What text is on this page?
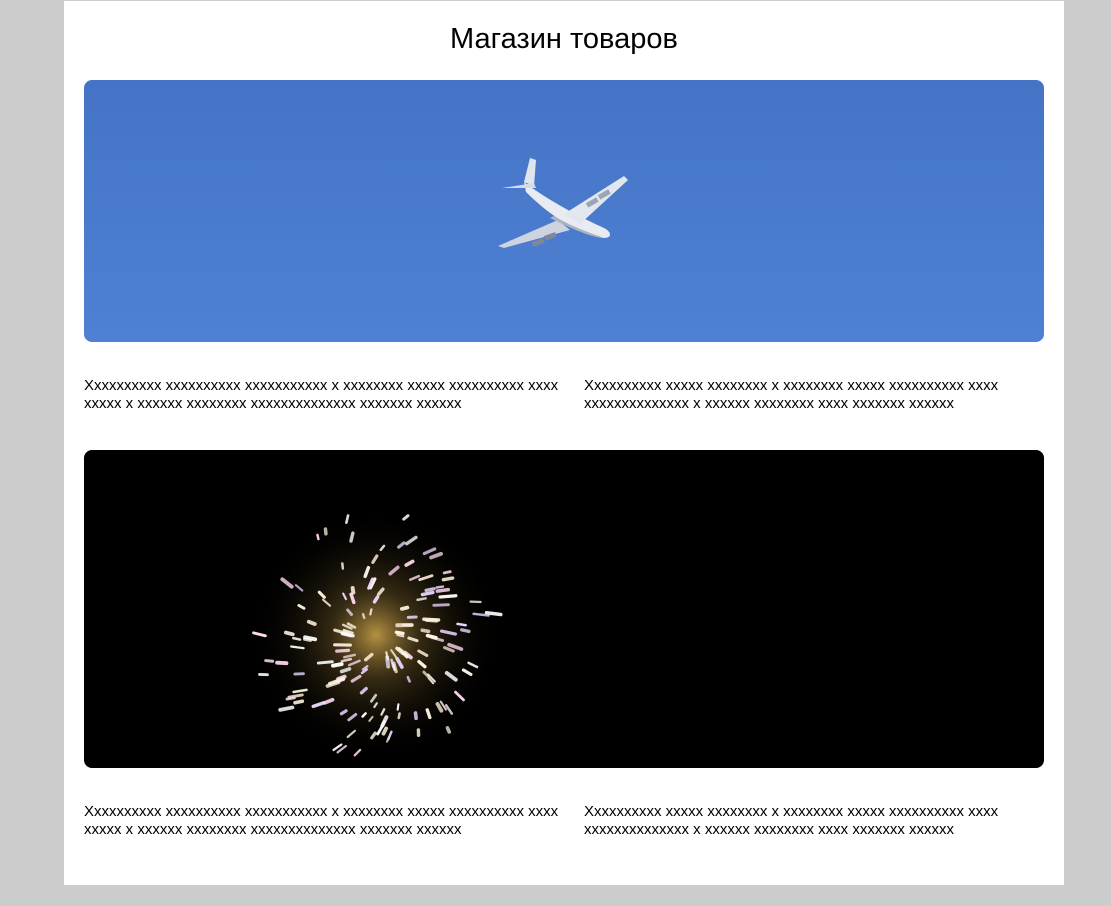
Магазин товаров
Xxxxxxxxxx xxxxxxxxxx xxxxxxxxxxx x xxxxxxxx xxxxx xxxxxxxxxx xxxx xxxxx x xxxxxx xxxxxxxx xxxxxxxxxxxxxx xxxxxxx xxxxxx
Xxxxxxxxxx xxxxx xxxxxxxx x xxxxxxxx xxxxx xxxxxxxxxx xxxx xxxxxxxxxxxxxx x xxxxxx xxxxxxxx xxxx xxxxxxx xxxxxx
Xxxxxxxxxx xxxxxxxxxx xxxxxxxxxxx x xxxxxxxx xxxxx xxxxxxxxxx xxxx xxxxx x xxxxxx xxxxxxxx xxxxxxxxxxxxxx xxxxxxx xxxxxx
Xxxxxxxxxx xxxxx xxxxxxxx x xxxxxxxx xxxxx xxxxxxxxxx xxxx xxxxxxxxxxxxxx x xxxxxx xxxxxxxx xxxx xxxxxxx xxxxxx
